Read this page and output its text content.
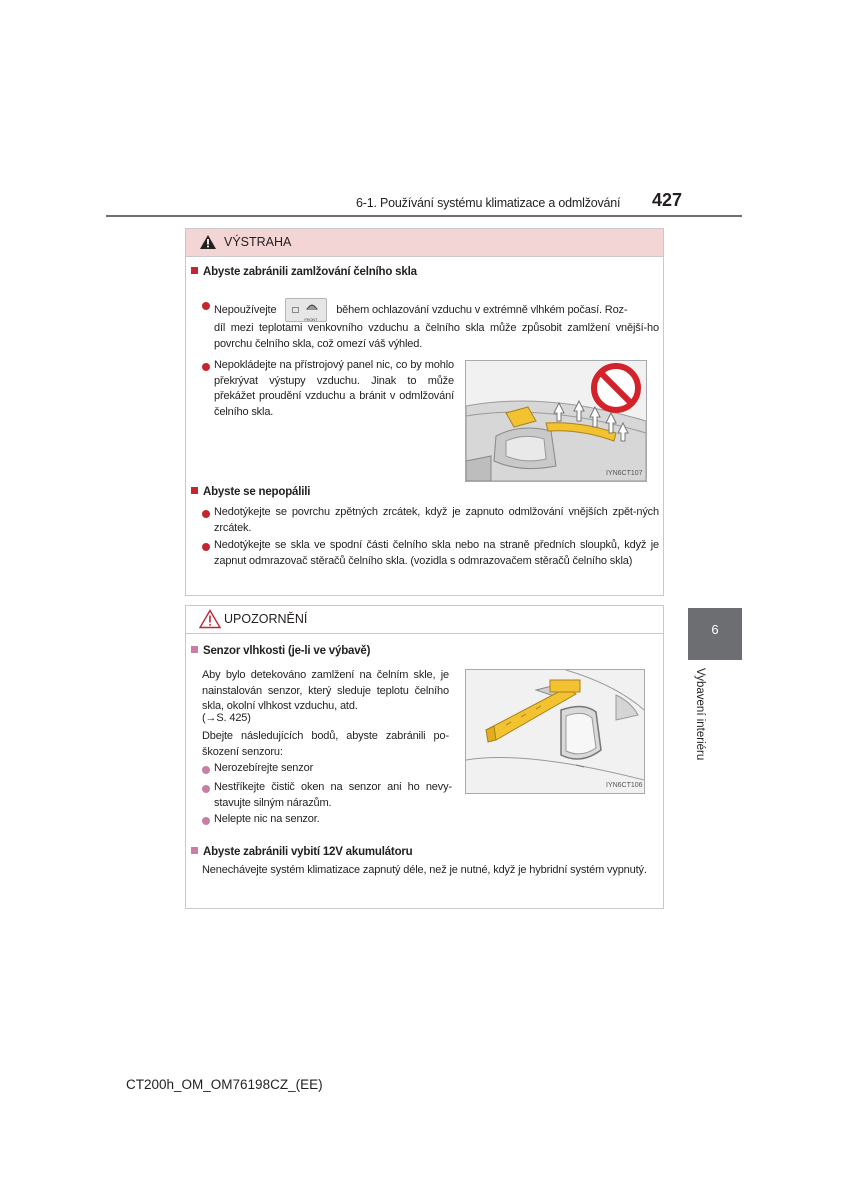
6-1. Používání systému klimatizace a odmlžování 427
6
Vybavení interiéru
VÝSTRAHA
Abyste zabránili zamlžování čelního skla
Nepoužívejte
FRONT
během ochlazování vzduchu v extrémně vlhkém počasí. Roz-
díl mezi teplotami venkovního vzduchu a čelního skla může způsobit zamlžení vnější-ho povrchu čelního skla, což omezí váš výhled.
Nepokládejte na přístrojový panel nic, co by mohlo překrývat výstupy vzduchu. Jinak to může překážet proudění vzduchu a bránit v odmlžování čelního skla.
IYN6CT107
Abyste se nepopálili
Nedotýkejte se povrchu zpětných zrcátek, když je zapnuto odmlžování vnějších zpět-ných zrcátek.
Nedotýkejte se skla ve spodní části čelního skla nebo na straně předních sloupků, když je zapnut odmrazovač stěračů čelního skla. (vozidla s odmrazovačem stěračů čelního skla)
UPOZORNĚNÍ
Senzor vlhkosti (je-li ve výbavě)
Aby bylo detekováno zamlžení na čelním skle, je nainstalován senzor, který sleduje teplotu čelního skla, okolní vlhkost vzduchu, atd.
(→S. 425)
Dbejte následujících bodů, abyste zabránili po-škození senzoru:
Nerozebírejte senzor
Nestříkejte čistič oken na senzor ani ho nevy-stavujte silným nárazům.
Nelepte nic na senzor.
IYN6CT106
Abyste zabránili vybití 12V akumulátoru
Nenechávejte systém klimatizace zapnutý déle, než je nutné, když je hybridní systém vypnutý.
CT200h_OM_OM76198CZ_(EE)
